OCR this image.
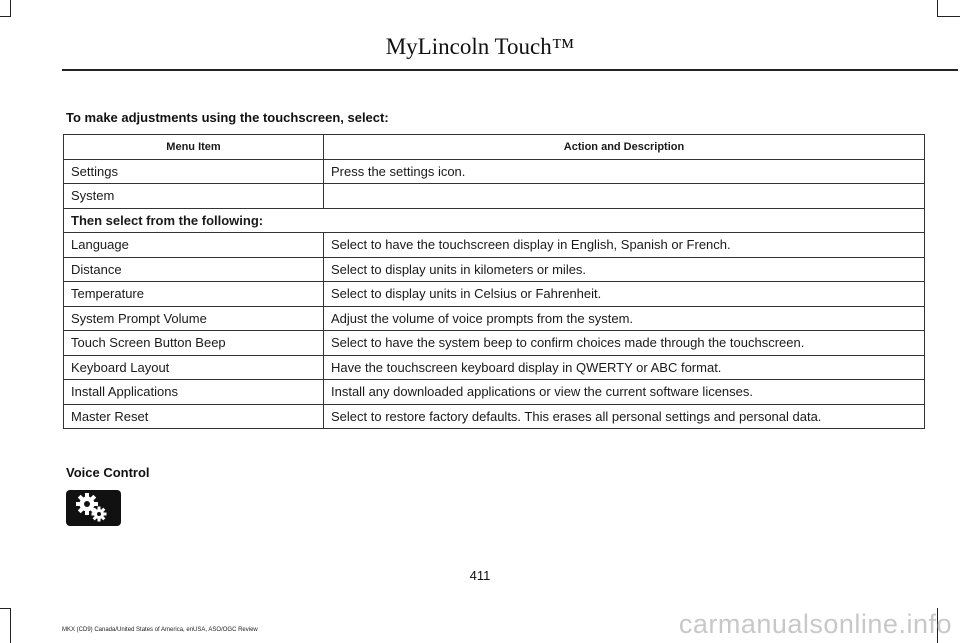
MyLincoln Touch™
To make adjustments using the touchscreen, select:
Menu Item	Action and Description
Settings	Press the settings icon.
System	
Then select from the following:	
Language	Select to have the touchscreen display in English, Spanish or French.
Distance	Select to display units in kilometers or miles.
Temperature	Select to display units in Celsius or Fahrenheit.
System Prompt Volume	Adjust the volume of voice prompts from the system.
Touch Screen Button Beep	Select to have the system beep to confirm choices made through the touchscreen.
Keyboard Layout	Have the touchscreen keyboard display in QWERTY or ABC format.
Install Applications	Install any downloaded applications or view the current software licenses.
Master Reset	Select to restore factory defaults. This erases all personal settings and personal data.
Voice Control
411
MKX (CD9) Canada/United States of America, enUSA, ASO/OGC Review	carmanualsonline.info
